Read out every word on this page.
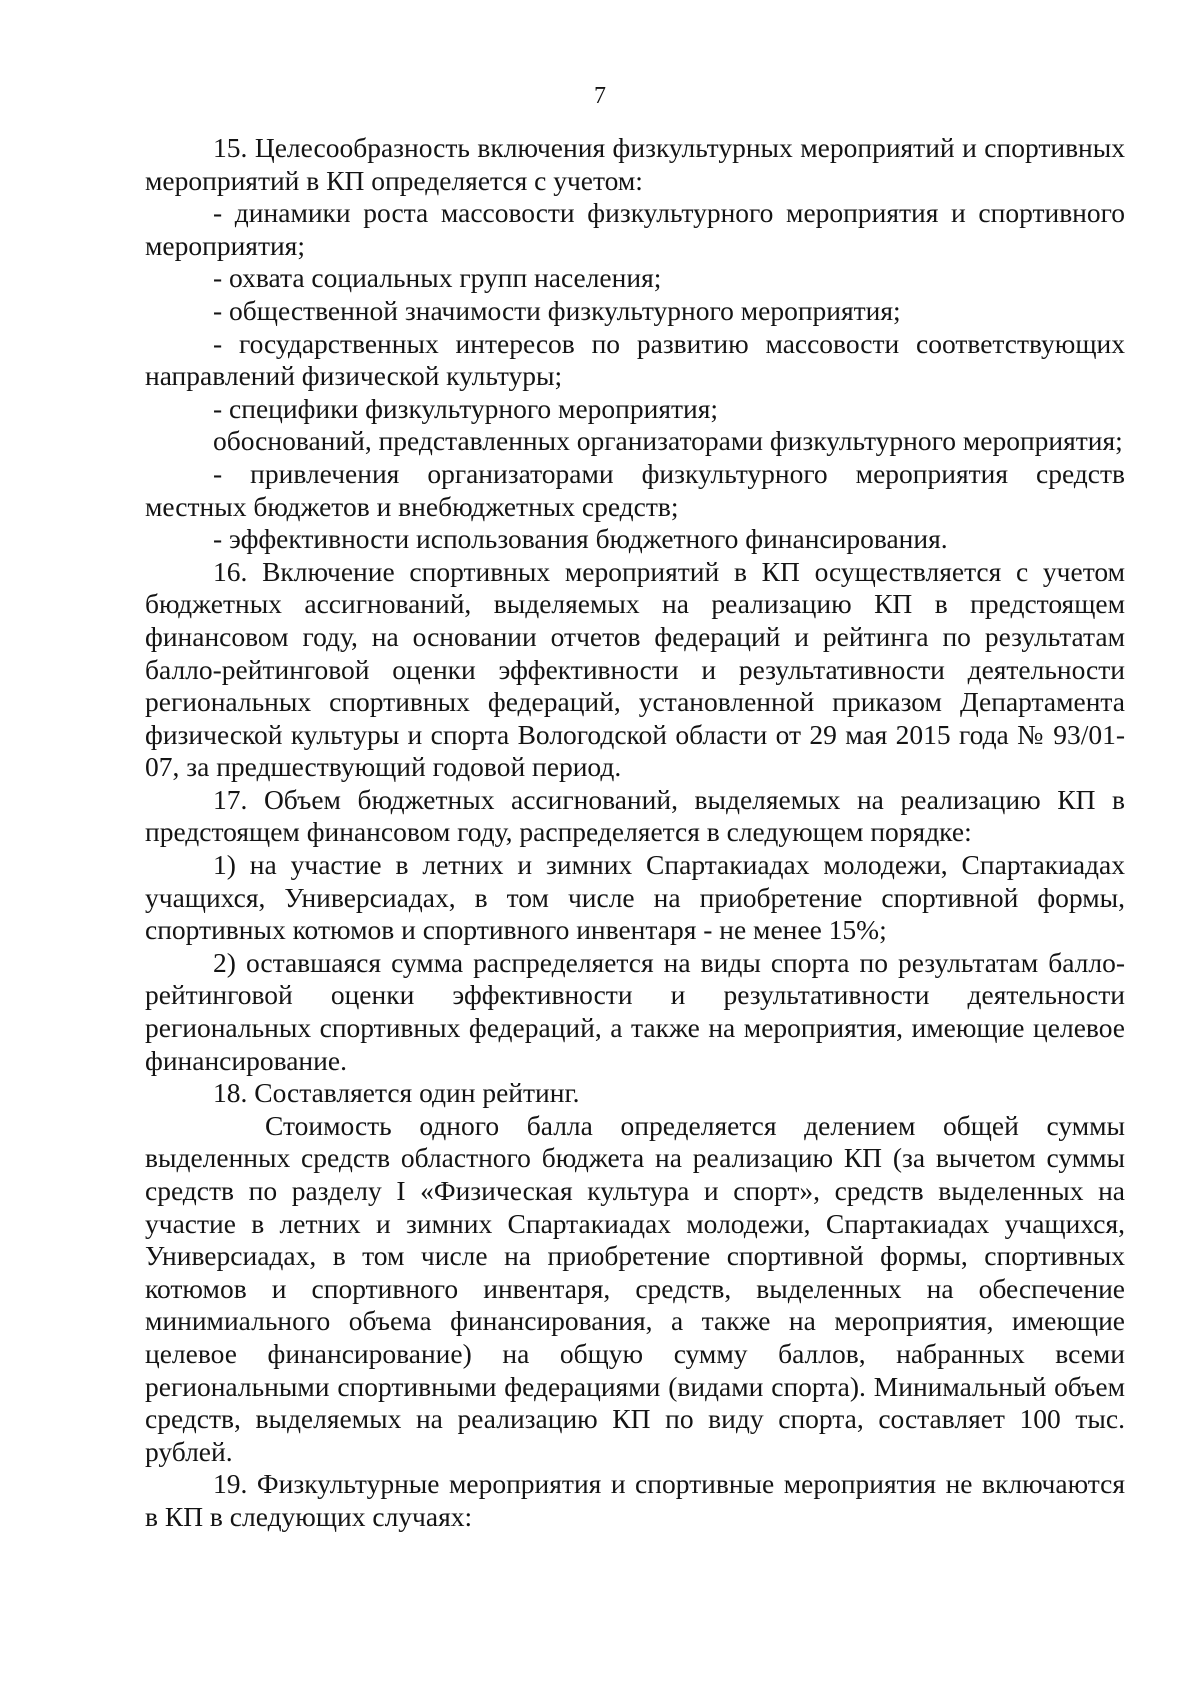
7

15. Целесообразность включения физкультурных мероприятий и спортивных мероприятий в КП определяется с учетом:

- динамики роста массовости физкультурного мероприятия и спортивного мероприятия;

- охвата социальных групп населения;

- общественной значимости физкультурного мероприятия;

- государственных интересов по развитию массовости соответствующих направлений физической культуры;

- специфики физкультурного мероприятия;

обоснований, представленных организаторами физкультурного мероприятия;

- привлечения организаторами физкультурного мероприятия средств местных бюджетов и внебюджетных средств;

- эффективности использования бюджетного финансирования.

16. Включение спортивных мероприятий в КП осуществляется с учетом бюджетных ассигнований, выделяемых на реализацию КП в предстоящем финансовом году, на основании отчетов федераций и рейтинга по результатам балло-рейтинговой оценки эффективности и результативности деятельности региональных спортивных федераций, установленной приказом Департамента физической культуры и спорта Вологодской области от 29 мая 2015 года № 93/01-07, за предшествующий годовой период.

17. Объем бюджетных ассигнований, выделяемых на реализацию КП в предстоящем финансовом году, распределяется в следующем порядке:

1) на участие в летних и зимних Спартакиадах молодежи, Спартакиадах учащихся, Универсиадах, в том числе на приобретение спортивной формы, спортивных котюмов и спортивного инвентаря - не менее 15%;

2) оставшаяся сумма распределяется на виды спорта по результатам балло-рейтинговой оценки эффективности и результативности деятельности региональных спортивных федераций, а также на мероприятия, имеющие целевое финансирование.

18. Составляется один рейтинг.

Стоимость одного балла определяется делением общей суммы выделенных средств областного бюджета на реализацию КП (за вычетом суммы средств по разделу I «Физическая культура и спорт», средств выделенных на участие в летних и зимних Спартакиадах молодежи, Спартакиадах учащихся, Универсиадах, в том числе на приобретение спортивной формы, спортивных котюмов и спортивного инвентаря, средств, выделенных на обеспечение минимиального объема финансирования, а также на мероприятия, имеющие целевое финансирование) на общую сумму баллов, набранных всеми региональными спортивными федерациями (видами спорта). Минимальный объем средств, выделяемых на реализацию КП по виду спорта, составляет 100 тыс. рублей.

19. Физкультурные мероприятия и спортивные мероприятия не включаются в КП в следующих случаях:
